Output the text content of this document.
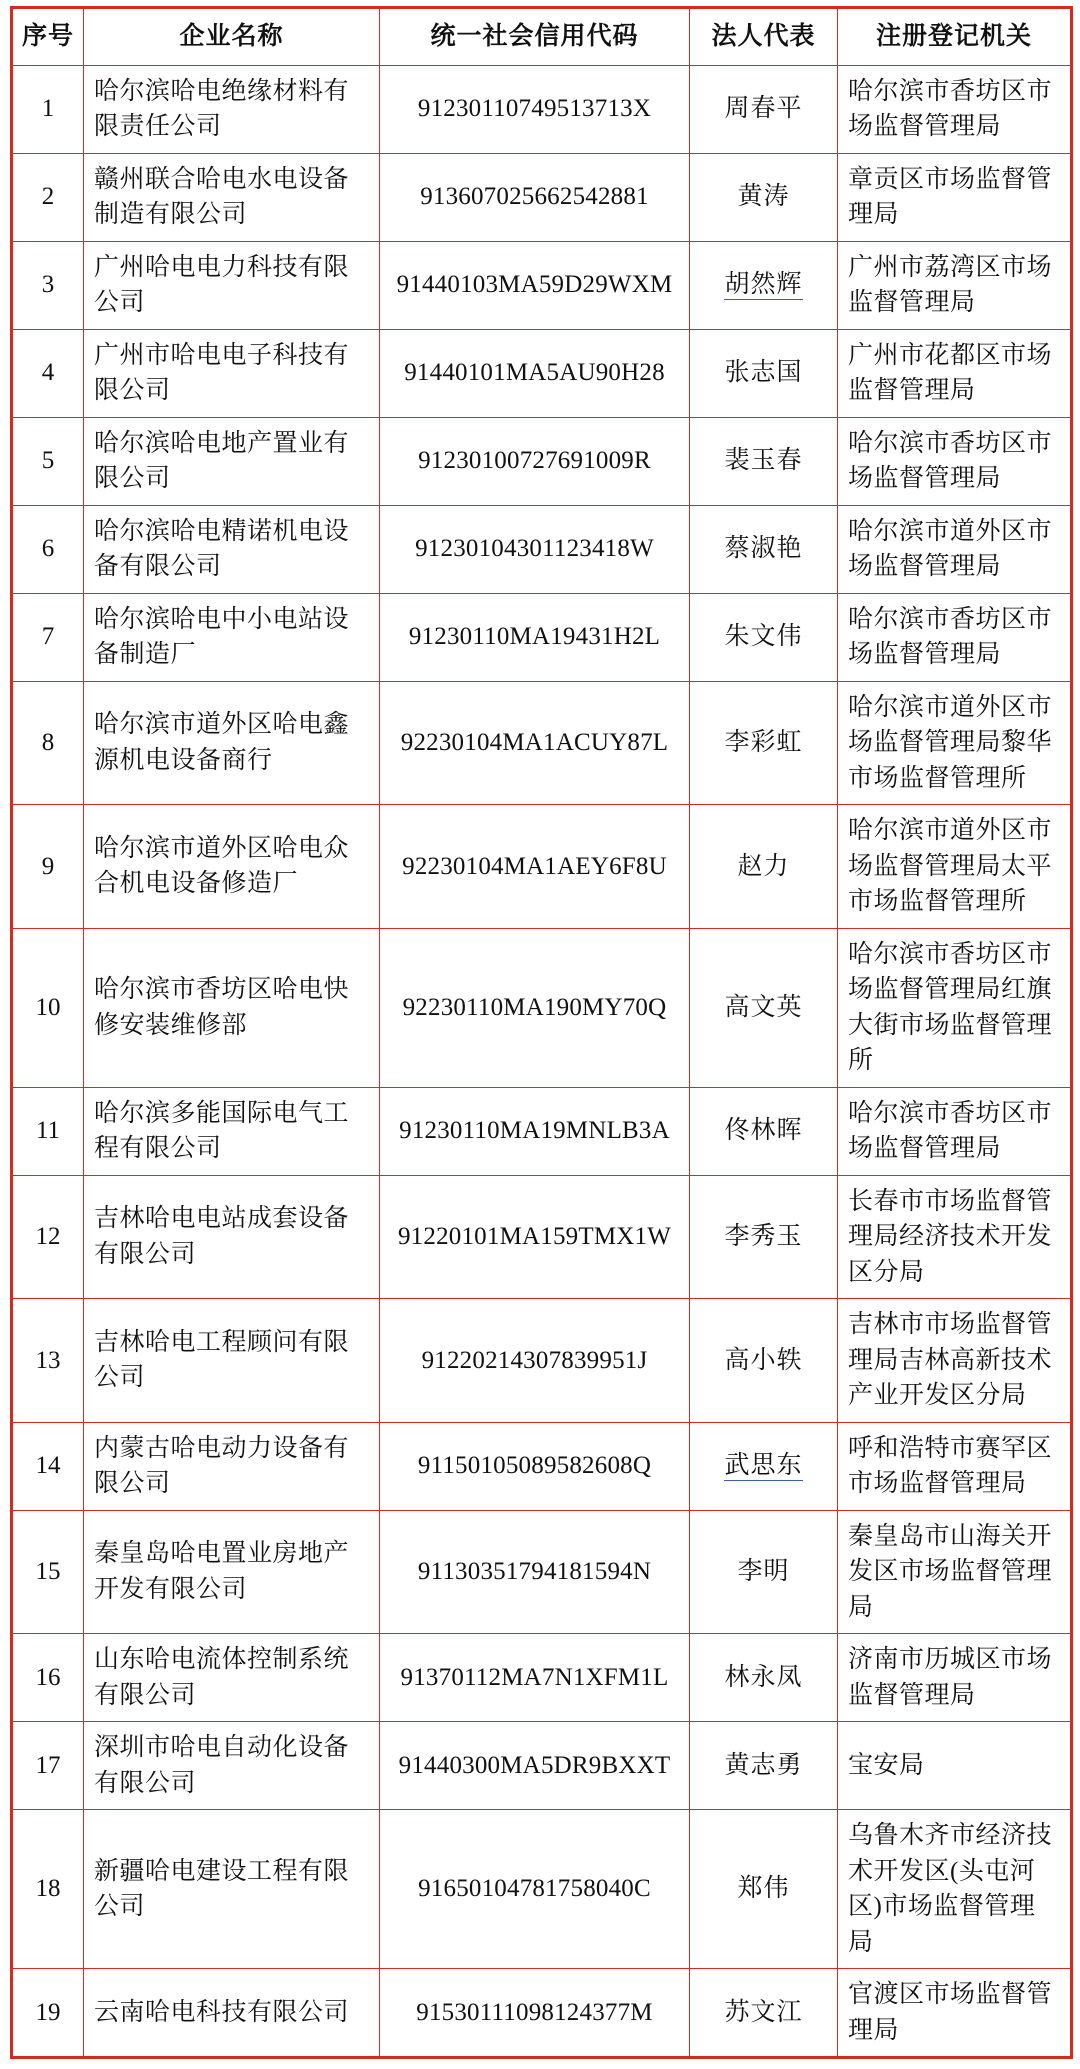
序号	企业名称	统一社会信用代码	法人代表	注册登记机关
1	哈尔滨哈电绝缘材料有限责任公司	91230110749513713X	周春平	哈尔滨市香坊区市场监督管理局
2	赣州联合哈电水电设备制造有限公司	913607025662542881	黄涛	章贡区市场监督管理局
3	广州哈电电力科技有限公司	91440103MA59D29WXM	胡然辉	广州市荔湾区市场监督管理局
4	广州市哈电电子科技有限公司	91440101MA5AU90H28	张志国	广州市花都区市场监督管理局
5	哈尔滨哈电地产置业有限公司	91230100727691009R	裴玉春	哈尔滨市香坊区市场监督管理局
6	哈尔滨哈电精诺机电设备有限公司	91230104301123418W	蔡淑艳	哈尔滨市道外区市场监督管理局
7	哈尔滨哈电中小电站设备制造厂	91230110MA19431H2L	朱文伟	哈尔滨市香坊区市场监督管理局
8	哈尔滨市道外区哈电鑫源机电设备商行	92230104MA1ACUY87L	李彩虹	哈尔滨市道外区市场监督管理局黎华市场监督管理所
9	哈尔滨市道外区哈电众合机电设备修造厂	92230104MA1AEY6F8U	赵力	哈尔滨市道外区市场监督管理局太平市场监督管理所
10	哈尔滨市香坊区哈电快修安装维修部	92230110MA190MY70Q	高文英	哈尔滨市香坊区市场监督管理局红旗大街市场监督管理所
11	哈尔滨多能国际电气工程有限公司	91230110MA19MNLB3A	佟林晖	哈尔滨市香坊区市场监督管理局
12	吉林哈电电站成套设备有限公司	91220101MA159TMX1W	李秀玉	长春市市场监督管理局经济技术开发区分局
13	吉林哈电工程顾问有限公司	91220214307839951J	高小轶	吉林市市场监督管理局吉林高新技术产业开发区分局
14	内蒙古哈电动力设备有限公司	91150105089582608Q	武思东	呼和浩特市赛罕区市场监督管理局
15	秦皇岛哈电置业房地产开发有限公司	91130351794181594N	李明	秦皇岛市山海关开发区市场监督管理局
16	山东哈电流体控制系统有限公司	91370112MA7N1XFM1L	林永凤	济南市历城区市场监督管理局
17	深圳市哈电自动化设备有限公司	91440300MA5DR9BXXT	黄志勇	宝安局
18	新疆哈电建设工程有限公司	91650104781758040C	郑伟	乌鲁木齐市经济技术开发区(头屯河区)市场监督管理局
19	云南哈电科技有限公司	91530111098124377M	苏文江	官渡区市场监督管理局
